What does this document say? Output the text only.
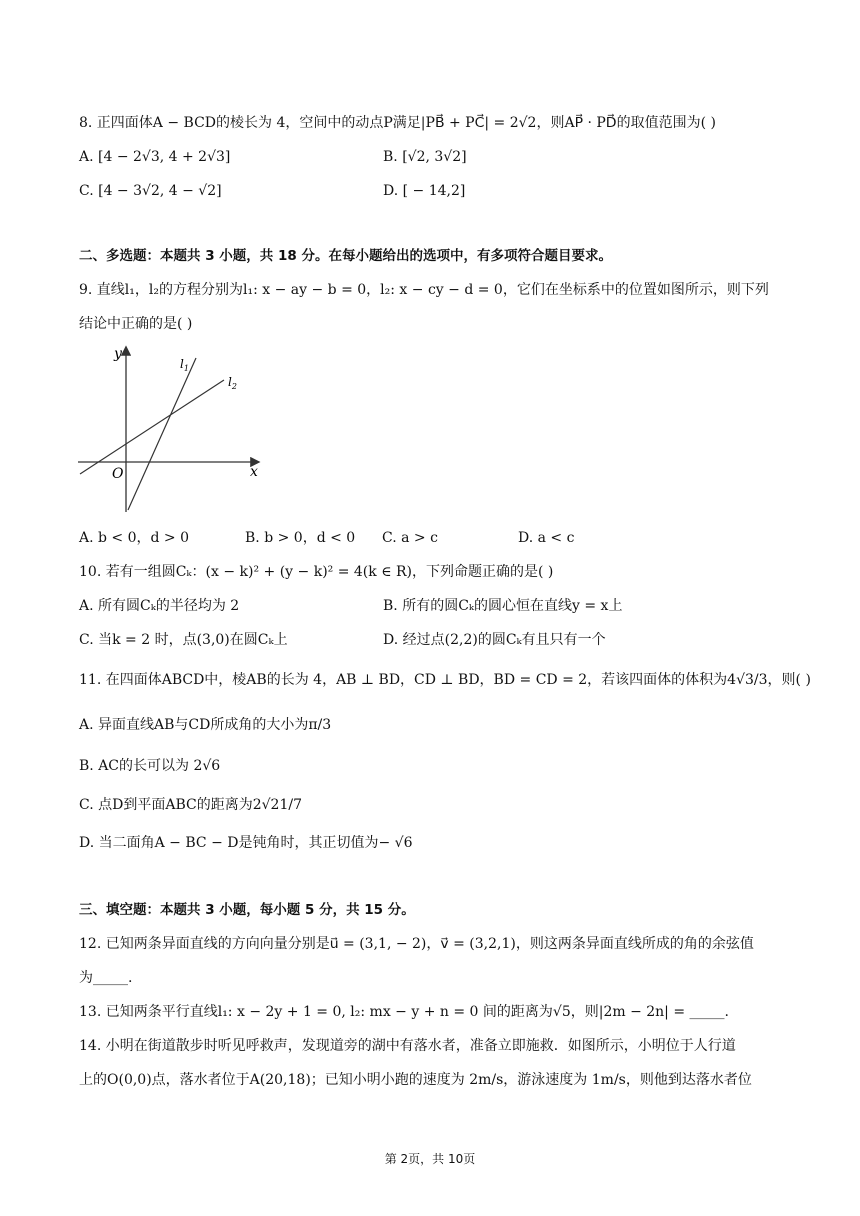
8. 正四面体A − BCD的棱长为 4，空间中的动点P满足|PB⃗ + PC⃗| = 2√2，则AP⃗ · PD⃗的取值范围为( )
A. [4 − 2√3, 4 + 2√3]	B. [√2, 3√2]
C. [4 − 3√2, 4 − √2]	D. [ − 14,2]
二、多选题：本题共 3 小题，共 18 分。在每小题给出的选项中，有多项符合题目要求。
9. 直线l₁，l₂的方程分别为l₁: x − ay − b = 0，l₂: x − cy − d = 0，它们在坐标系中的位置如图所示，则下列
结论中正确的是( )
y
x
O
$l_1$
$l_2$
A. b < 0，d > 0	B. b > 0，d < 0 C. a > c	D. a < c
10. 若有一组圆Cₖ：(x − k)² + (y − k)² = 4(k ∈ R)，下列命题正确的是( )
A. 所有圆Cₖ的半径均为 2	B. 所有的圆Cₖ的圆心恒在直线y = x上
C. 当k = 2 时，点(3,0)在圆Cₖ上	D. 经过点(2,2)的圆Cₖ有且只有一个
11. 在四面体ABCD中，棱AB的长为 4，AB ⊥ BD，CD ⊥ BD，BD = CD = 2，若该四面体的体积为4√3/3，则( )
A. 异面直线AB与CD所成角的大小为π/3
B. AC的长可以为 2√6
C. 点D到平面ABC的距离为2√21/7
D. 当二面角A − BC − D是钝角时，其正切值为− √6
三、填空题：本题共 3 小题，每小题 5 分，共 15 分。
12. 已知两条异面直线的方向向量分别是u⃗ = (3,1, − 2)，v⃗ = (3,2,1)，则这两条异面直线所成的角的余弦值
为_____.
13. 已知两条平行直线l₁: x − 2y + 1 = 0, l₂: mx − y + n = 0 间的距离为√5，则|2m − 2n| = _____.
14. 小明在街道散步时听见呼救声，发现道旁的湖中有落水者，准备立即施救．如图所示，小明位于人行道
上的O(0,0)点，落水者位于A(20,18)；已知小明小跑的速度为 2m/s，游泳速度为 1m/s，则他到达落水者位
第 2页，共 10页
